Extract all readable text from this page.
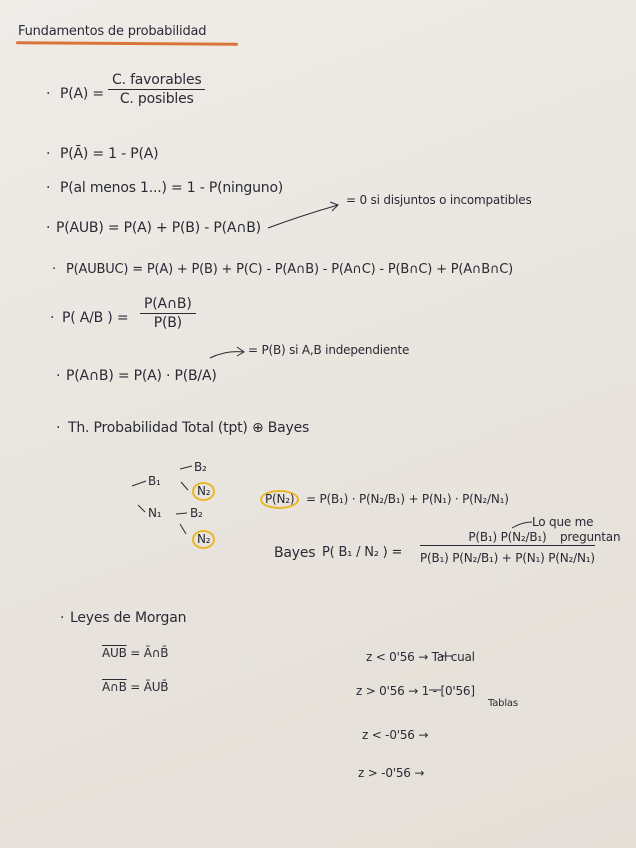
Fundamentos de probabilidad
· P(A) =
C. favorables
C. posibles
· P(Ā) = 1 - P(A)
· P(al menos 1...) = 1 - P(ninguno)
· P(AUB) = P(A) + P(B) - P(A∩B)
= 0 si disjuntos o incompatibles
· P(AUBUC) = P(A) + P(B) + P(C) - P(A∩B) - P(A∩C) - P(B∩C) + P(A∩B∩C)
· P( A/B ) = $\frac{P(A\cap B)}{P(B)}$
= P(B) si A,B independiente
· P(A∩B) = P(A) · P(B/A)
· Th. Probabilidad Total (tpt) ⊕ Bayes
B₁
B₂
N₂
N₁ B₂
N₂
P(N₂) = P(B₁) · P(N₂/B₁) + P(N₁) · P(N₂/N₁)
Lo que me
preguntan
Bayes P( B₁ / N₂ ) = $\frac{\text{P(B₁) P(N₂/B₁)}}{\text{P(B₁) P(N₂/B₁) + P(N₁) P(N₂/N₁)}}$
· Leyes de Morgan
$\overline{AUB}$ = Ā∩B̄
A∩B = ĀUB̄
z < 0'56 → Tal cual
z > 0'56 → 1 - [0'56]
Tablas
z < -0'56 →
z > -0'56 →
